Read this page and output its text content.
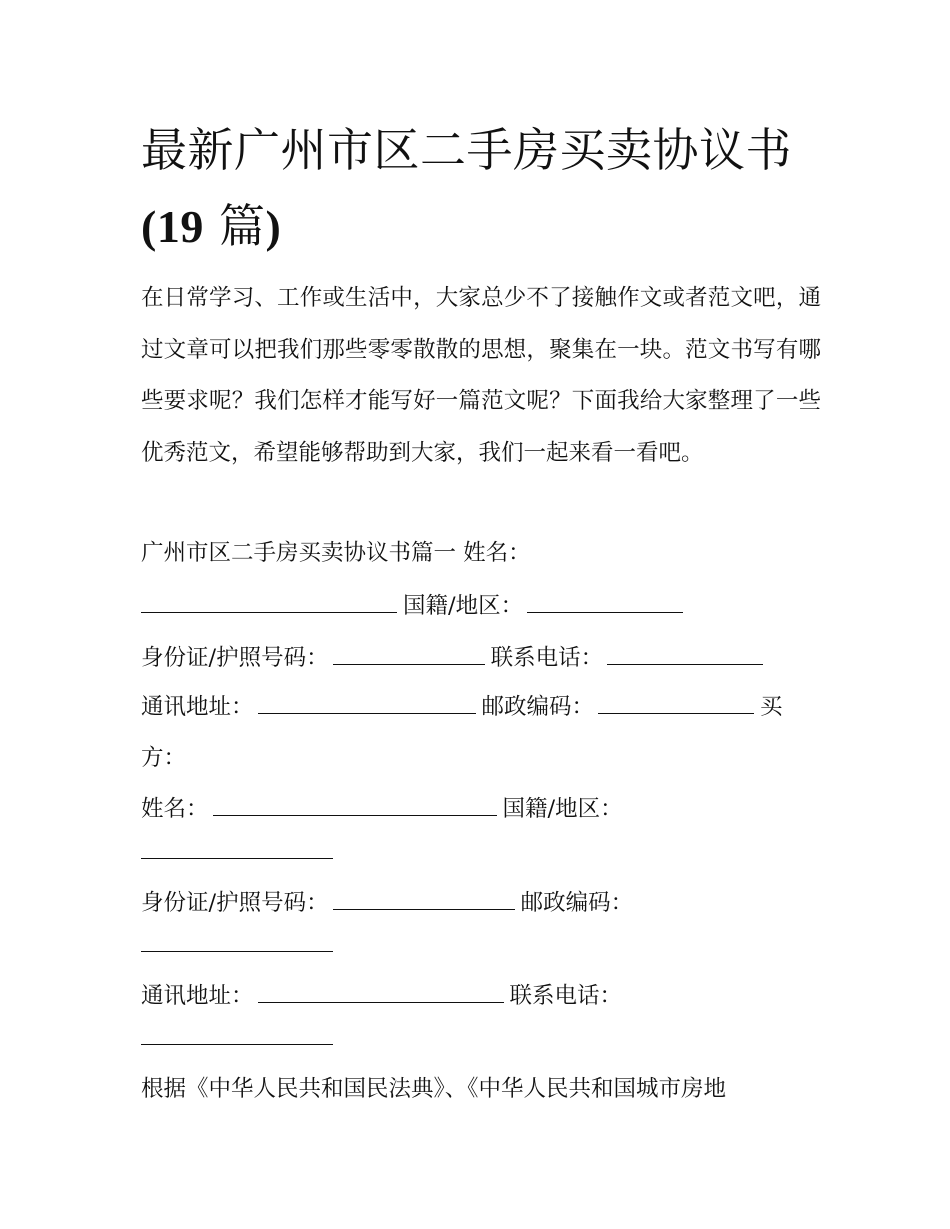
最新广州市区二手房买卖协议书
(19 篇)

在日常学习、工作或生活中，大家总少不了接触作文或者范文吧，通过文章可以把我们那些零零散散的思想，聚集在一块。范文书写有哪些要求呢？我们怎样才能写好一篇范文呢？下面我给大家整理了一些优秀范文，希望能够帮助到大家，我们一起来看一看吧。

广州市区二手房买卖协议书篇一 姓名：
国籍/地区：
身份证/护照号码：	联系电话：
通讯地址：	邮政编码：	买
方：
姓名：	国籍/地区：
身份证/护照号码：	邮政编码：
通讯地址：	联系电话：
根据《中华人民共和国民法典》、《中华人民共和国城市房地
